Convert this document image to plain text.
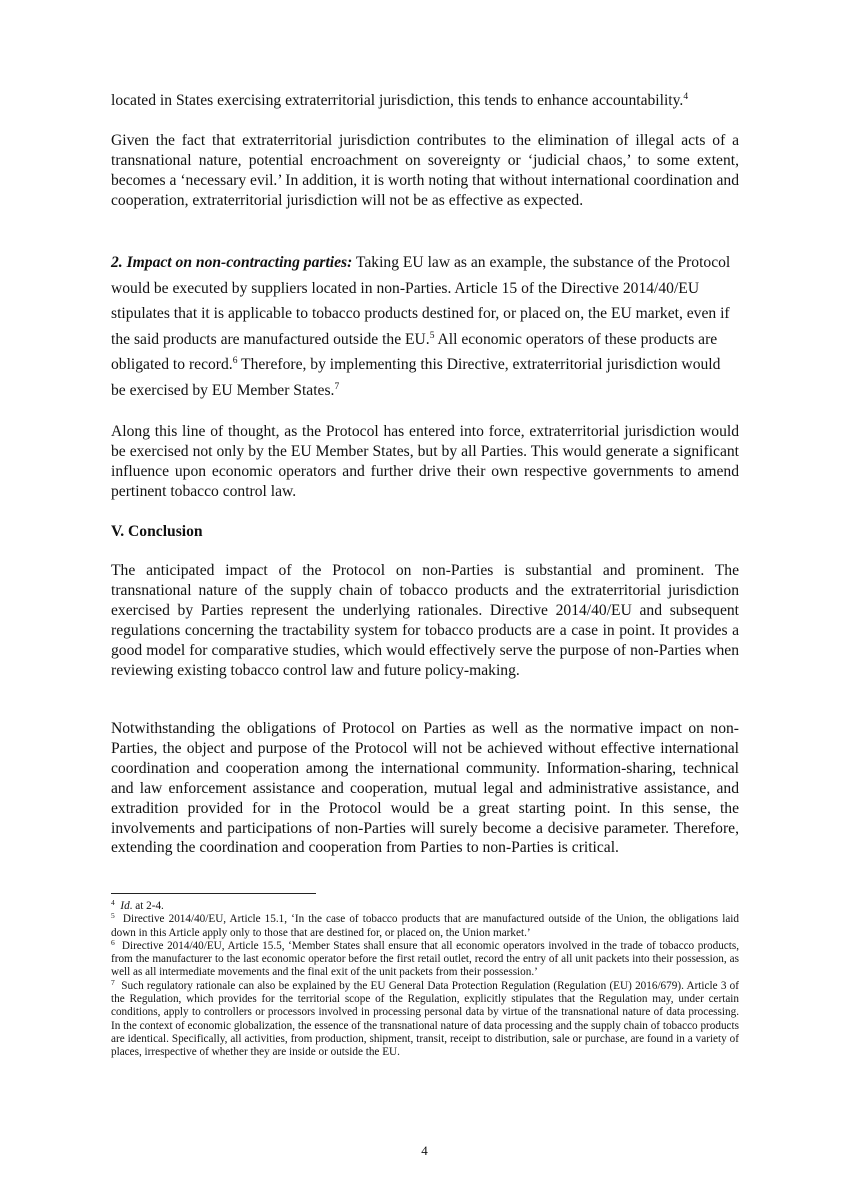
located in States exercising extraterritorial jurisdiction, this tends to enhance accountability.$^4$

Given the fact that extraterritorial jurisdiction contributes to the elimination of illegal acts of a transnational nature, potential encroachment on sovereignty or ‘judicial chaos,’ to some extent, becomes a ‘necessary evil.’ In addition, it is worth noting that without international coordination and cooperation, extraterritorial jurisdiction will not be as effective as expected.

2. Impact on non-contracting parties: Taking EU law as an example, the substance of the Protocol would be executed by suppliers located in non-Parties. Article 15 of the Directive 2014/40/EU stipulates that it is applicable to tobacco products destined for, or placed on, the EU market, even if the said products are manufactured outside the EU.$^5$ All economic operators of these products are obligated to record.$^6$ Therefore, by implementing this Directive, extraterritorial jurisdiction would be exercised by EU Member States.$^7$

Along this line of thought, as the Protocol has entered into force, extraterritorial jurisdiction would be exercised not only by the EU Member States, but by all Parties. This would generate a significant influence upon economic operators and further drive their own respective governments to amend pertinent tobacco control law.

V. Conclusion

The anticipated impact of the Protocol on non-Parties is substantial and prominent. The transnational nature of the supply chain of tobacco products and the extraterritorial jurisdiction exercised by Parties represent the underlying rationales. Directive 2014/40/EU and subsequent regulations concerning the tractability system for tobacco products are a case in point. It provides a good model for comparative studies, which would effectively serve the purpose of non-Parties when reviewing existing tobacco control law and future policy-making.

Notwithstanding the obligations of Protocol on Parties as well as the normative impact on non-Parties, the object and purpose of the Protocol will not be achieved without effective international coordination and cooperation among the international community. Information-sharing, technical and law enforcement assistance and cooperation, mutual legal and administrative assistance, and extradition provided for in the Protocol would be a great starting point. In this sense, the involvements and participations of non-Parties will surely become a decisive parameter. Therefore, extending the coordination and cooperation from Parties to non-Parties is critical.

$^4$ Id. at 2-4.

$^5$ Directive 2014/40/EU, Article 15.1, ‘In the case of tobacco products that are manufactured outside of the Union, the obligations laid down in this Article apply only to those that are destined for, or placed on, the Union market.’

$^6$ Directive 2014/40/EU, Article 15.5, ‘Member States shall ensure that all economic operators involved in the trade of tobacco products, from the manufacturer to the last economic operator before the first retail outlet, record the entry of all unit packets into their possession, as well as all intermediate movements and the final exit of the unit packets from their possession.’

$^7$ Such regulatory rationale can also be explained by the EU General Data Protection Regulation (Regulation (EU) 2016/679). Article 3 of the Regulation, which provides for the territorial scope of the Regulation, explicitly stipulates that the Regulation may, under certain conditions, apply to controllers or processors involved in processing personal data by virtue of the transnational nature of data processing. In the context of economic globalization, the essence of the transnational nature of data processing and the supply chain of tobacco products are identical. Specifically, all activities, from production, shipment, transit, receipt to distribution, sale or purchase, are found in a variety of places, irrespective of whether they are inside or outside the EU.

4
